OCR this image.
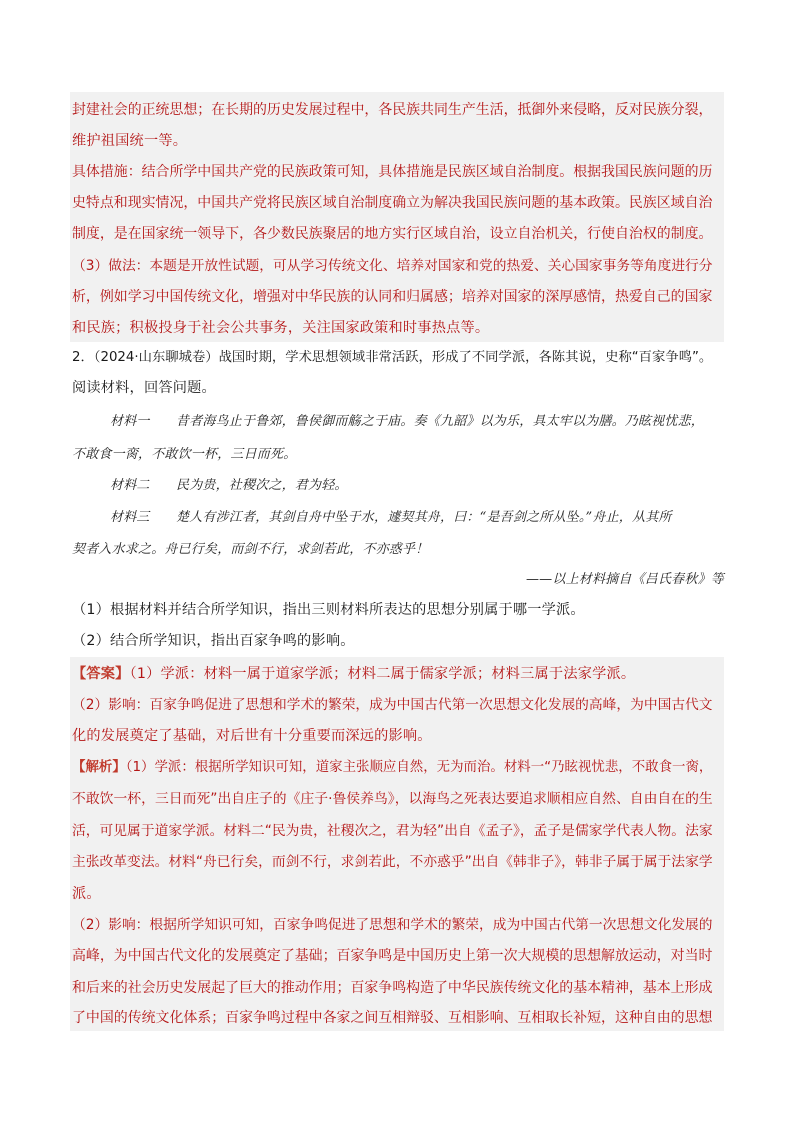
封建社会的正统思想；在长期的历史发展过程中，各民族共同生产生活，抵御外来侵略，反对民族分裂，
维护祖国统一等。
具体措施：结合所学中国共产党的民族政策可知，具体措施是民族区域自治制度。根据我国民族问题的历
史特点和现实情况，中国共产党将民族区域自治制度确立为解决我国民族问题的基本政策。民族区域自治
制度，是在国家统一领导下，各少数民族聚居的地方实行区域自治，设立自治机关，行使自治权的制度。
（3）做法：本题是开放性试题，可从学习传统文化、培养对国家和党的热爱、关心国家事务等角度进行分
析，例如学习中国传统文化，增强对中华民族的认同和归属感；培养对国家的深厚感情，热爱自己的国家
和民族；积极投身于社会公共事务，关注国家政策和时事热点等。
2．（2024·山东聊城卷）战国时期，学术思想领域非常活跃，形成了不同学派，各陈其说，史称“百家争鸣”。
阅读材料，回答问题。
材料一　　昔者海鸟止于鲁郊，鲁侯御而觞之于庙。奏《九韶》以为乐，具太牢以为膳。乃眩视忧悲，
不敢食一脔，不敢饮一杯，三日而死。
材料二　　民为贵，社稷次之，君为轻。
材料三　　楚人有涉江者，其剑自舟中坠于水，遽契其舟，曰：“是吾剑之所从坠。”舟止，从其所
契者入水求之。舟已行矣，而剑不行，求剑若此，不亦惑乎！
——以上材料摘自《吕氏春秋》等
（1）根据材料并结合所学知识，指出三则材料所表达的思想分别属于哪一学派。
（2）结合所学知识，指出百家争鸣的影响。
【答案】（1）学派：材料一属于道家学派；材料二属于儒家学派；材料三属于法家学派。
（2）影响：百家争鸣促进了思想和学术的繁荣，成为中国古代第一次思想文化发展的高峰，为中国古代文
化的发展奠定了基础，对后世有十分重要而深远的影响。
【解析】（1）学派：根据所学知识可知，道家主张顺应自然，无为而治。材料一“乃眩视忧悲，不敢食一脔，
不敢饮一杯，三日而死”出自庄子的《庄子·鲁侯养鸟》，以海鸟之死表达要追求顺相应自然、自由自在的生
活，可见属于道家学派。材料二“民为贵，社稷次之，君为轻”出自《孟子》，孟子是儒家学代表人物。法家
主张改革变法。材料“舟已行矣，而剑不行，求剑若此，不亦惑乎”出自《韩非子》，韩非子属于属于法家学
派。
（2）影响：根据所学知识可知，百家争鸣促进了思想和学术的繁荣，成为中国古代第一次思想文化发展的
高峰，为中国古代文化的发展奠定了基础；百家争鸣是中国历史上第一次大规模的思想解放运动，对当时
和后来的社会历史发展起了巨大的推动作用；百家争鸣构造了中华民族传统文化的基本精神，基本上形成
了中国的传统文化体系；百家争鸣过程中各家之间互相辩驳、互相影响、互相取长补短，这种自由的思想
